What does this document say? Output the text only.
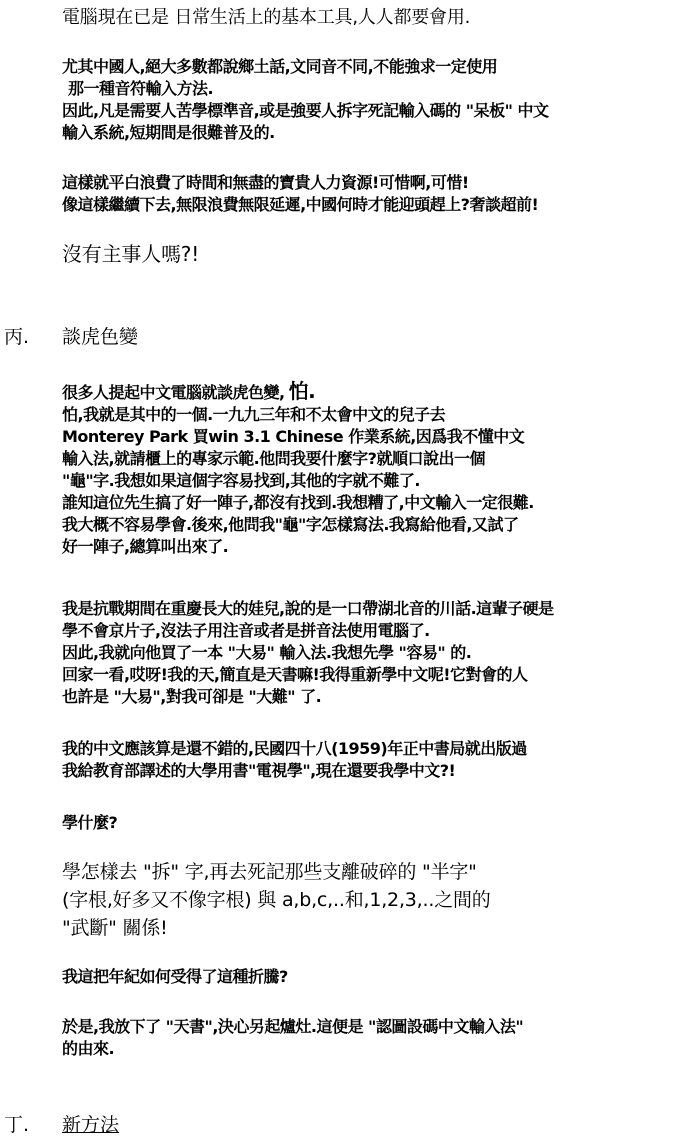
電腦現在已是 日常生活上的基本工具,人人都要會用.
尤其中國人,絕大多數都說鄉土話,文同音不同,不能強求一定使用
那一種音符輸入方法.
因此,凡是需要人苦學標準音,或是強要人拆字死記輸入碼的 "呆板" 中文
輸入系統,短期間是很難普及的.
這樣就平白浪費了時間和無盡的寶貴人力資源!可惜啊,可惜!
像這樣繼續下去,無限浪費無限延遲,中國何時才能迎頭趕上?奢談超前!
沒有主事人嗎?!
丙. 談虎色變
很多人提起中文電腦就談虎色變, 怕.
怕,我就是其中的一個.一九九三年和不太會中文的兒子去
Monterey Park 買win 3.1 Chinese 作業系統,因爲我不懂中文
輸入法,就請櫃上的專家示範.他問我要什麼字?就順口說出一個
"龜"字.我想如果這個字容易找到,其他的字就不難了.
誰知這位先生搞了好一陣子,都沒有找到.我想糟了,中文輸入一定很難.
我大概不容易學會.後來,他問我"龜"字怎樣寫法.我寫給他看,又試了
好一陣子,總算叫出來了.
我是抗戰期間在重慶長大的娃兒,說的是一口帶湖北音的川話.這輩子硬是
學不會京片子,沒法子用注音或者是拼音法使用電腦了.
因此,我就向他買了一本 "大易" 輸入法.我想先學 "容易" 的.
回家一看,哎呀!我的天,簡直是天書嘛!我得重新學中文呢!它對會的人
也許是 "大易",對我可卻是 "大難" 了.
我的中文應該算是還不錯的,民國四十八(1959)年正中書局就出版過
我給教育部譯述的大學用書"電視學",現在還要我學中文?!
學什麼?
學怎樣去 "拆" 字,再去死記那些支離破碎的 "半字"
(字根,好多又不像字根) 與 a,b,c,..和,1,2,3,..之間的
"武斷" 關係!
我這把年紀如何受得了這種折騰?
於是,我放下了 "天書",決心另起爐灶.這便是 "認圖設碼中文輸入法"
的由來.
丁. 新方法
